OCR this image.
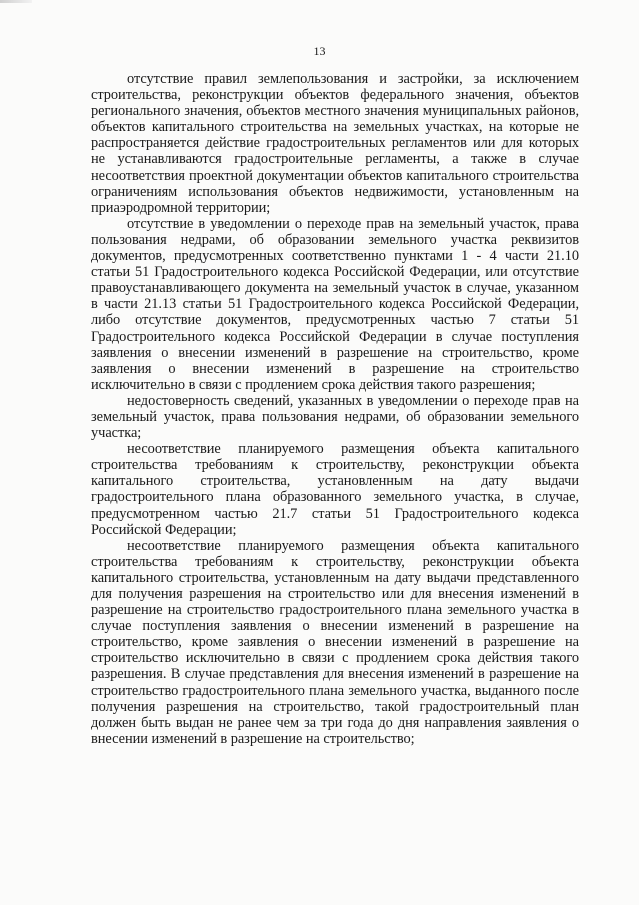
13

отсутствие правил землепользования и застройки, за исключением строительства, реконструкции объектов федерального значения, объектов регионального значения, объектов местного значения муниципальных районов, объектов капитального строительства на земельных участках, на которые не распространяется действие градостроительных регламентов или для которых не устанавливаются градостроительные регламенты, а также в случае несоответствия проектной документации объектов капитального строительства ограничениям использования объектов недвижимости, установленным на приаэродромной территории;

отсутствие в уведомлении о переходе прав на земельный участок, права пользования недрами, об образовании земельного участка реквизитов документов, предусмотренных соответственно пунктами 1 - 4 части 21.10 статьи 51 Градостроительного кодекса Российской Федерации, или отсутствие правоустанавливающего документа на земельный участок в случае, указанном в части 21.13 статьи 51 Градостроительного кодекса Российской Федерации, либо отсутствие документов, предусмотренных частью 7 статьи 51 Градостроительного кодекса Российской Федерации в случае поступления заявления о внесении изменений в разрешение на строительство, кроме заявления о внесении изменений в разрешение на строительство исключительно в связи с продлением срока действия такого разрешения;

недостоверность сведений, указанных в уведомлении о переходе прав на земельный участок, права пользования недрами, об образовании земельного участка;

несоответствие планируемого размещения объекта капитального строительства требованиям к строительству, реконструкции объекта капитального строительства, установленным на дату выдачи градостроительного плана образованного земельного участка, в случае, предусмотренном частью 21.7 статьи 51 Градостроительного кодекса Российской Федерации;

несоответствие планируемого размещения объекта капитального строительства требованиям к строительству, реконструкции объекта капитального строительства, установленным на дату выдачи представленного для получения разрешения на строительство или для внесения изменений в разрешение на строительство градостроительного плана земельного участка в случае поступления заявления о внесении изменений в разрешение на строительство, кроме заявления о внесении изменений в разрешение на строительство исключительно в связи с продлением срока действия такого разрешения. В случае представления для внесения изменений в разрешение на строительство градостроительного плана земельного участка, выданного после получения разрешения на строительство, такой градостроительный план должен быть выдан не ранее чем за три года до дня направления заявления о внесении изменений в разрешение на строительство;
